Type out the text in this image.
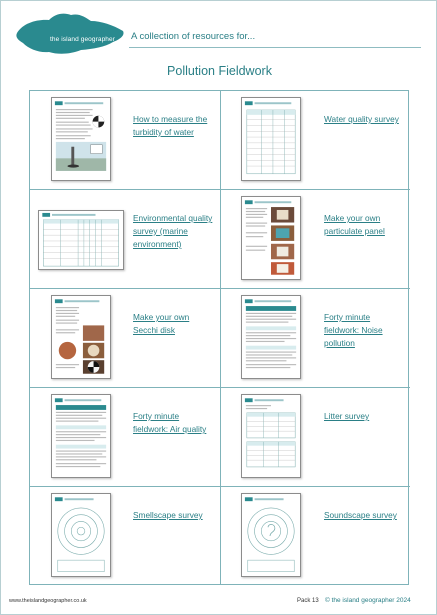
the island geographer A collection of resources for...
Pollution Fieldwork
How to measure the turbidity of water
Water quality survey
Environmental quality survey (marine environment)
Make your own particulate panel
Make your own Secchi disk
Forty minute fieldwork: Noise pollution
Forty minute fieldwork: Air quality
Litter survey
Smellscape survey	Soundscape survey
www.theislandgeographer.co.uk	Pack 13 © the island geographer 2024
